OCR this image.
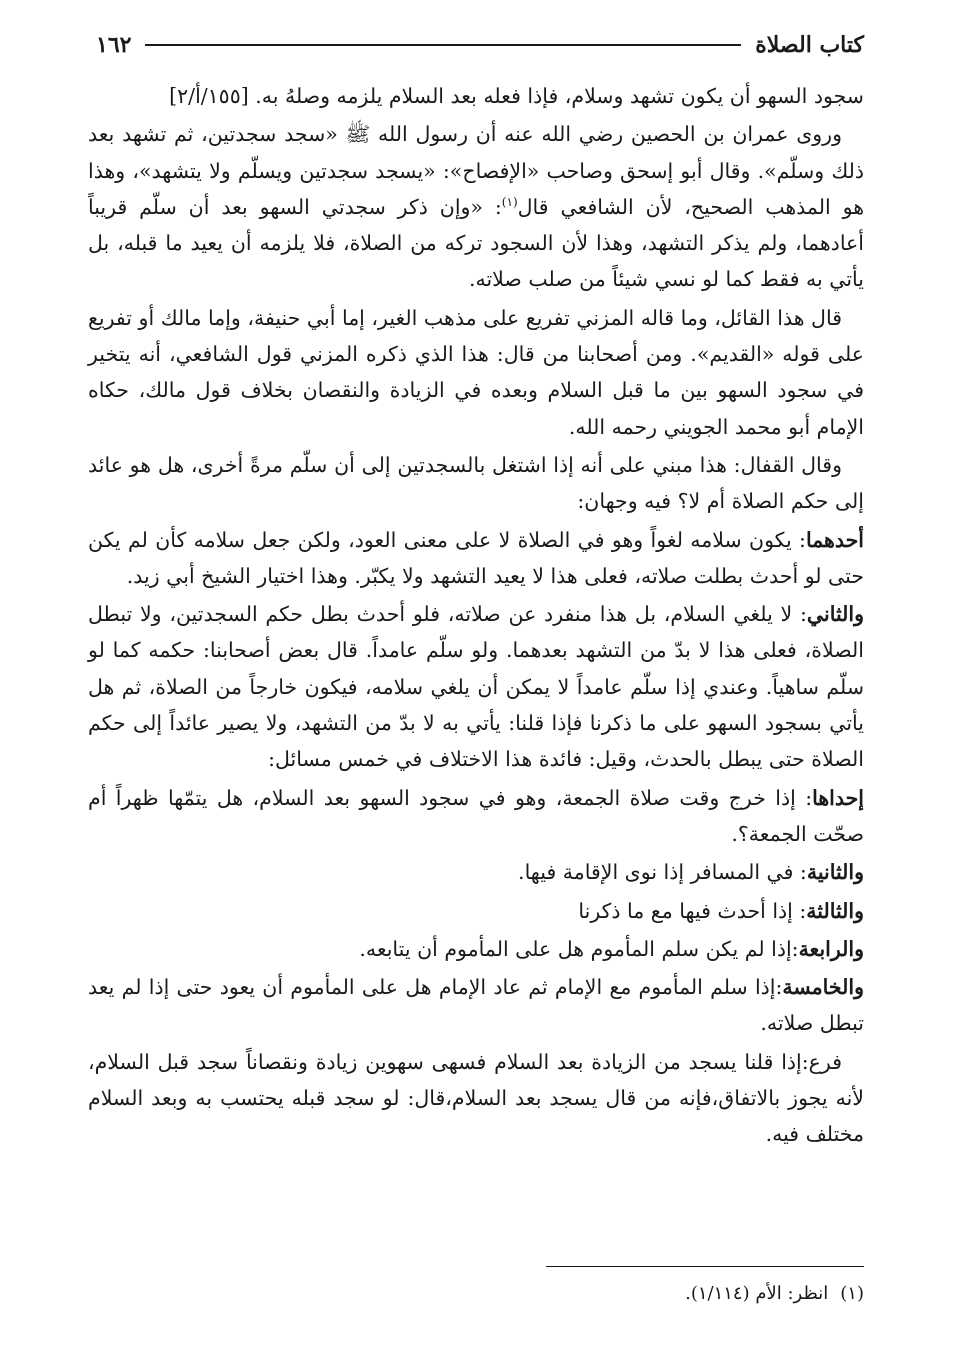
كتاب الصلاة
١٦٢

سجود السهو أن يكون تشهد وسلام، فإذا فعله بعد السلام يلزمه وصلهُ به. [١٥٥/أ/٢]

وروى عمران بن الحصين رضي الله عنه أن رسول الله ﷺ «سجد سجدتين، ثم تشهد بعد ذلك وسلّم». وقال أبو إسحق وصاحب «الإفصاح»: «يسجد سجدتين ويسلّم ولا يتشهد»، وهذا هو المذهب الصحيح، لأن الشافعي قال$^{(١)}$: «وإن ذكر سجدتي السهو بعد أن سلّم قريباً أعادهما، ولم يذكر التشهد، وهذا لأن السجود تركه من الصلاة، فلا يلزمه أن يعيد ما قبله، بل يأتي به فقط كما لو نسي شيئاً من صلب صلاته.

قال هذا القائل، وما قاله المزني تفريع على مذهب الغير، إما أبي حنيفة، وإما مالك أو تفريع على قوله «القديم». ومن أصحابنا من قال: هذا الذي ذكره المزني قول الشافعي، أنه يتخير في سجود السهو بين ما قبل السلام وبعده في الزيادة والنقصان بخلاف قول مالك، حكاه الإمام أبو محمد الجويني رحمه الله.

وقال القفال: هذا مبني على أنه إذا اشتغل بالسجدتين إلى أن سلّم مرةً أخرى، هل هو عائد إلى حكم الصلاة أم لا؟ فيه وجهان:

أحدهما: يكون سلامه لغواً وهو في الصلاة لا على معنى العود، ولكن جعل سلامه كأن لم يكن حتى لو أحدث بطلت صلاته، فعلى هذا لا يعيد التشهد ولا يكبّر. وهذا اختيار الشيخ أبي زيد.

والثاني: لا يلغي السلام، بل هذا منفرد عن صلاته، فلو أحدث بطل حكم السجدتين، ولا تبطل الصلاة، فعلى هذا لا بدّ من التشهد بعدهما. ولو سلّم عامداً. قال بعض أصحابنا: حكمه كما لو سلّم ساهياً. وعندي إذا سلّم عامداً لا يمكن أن يلغي سلامه، فيكون خارجاً من الصلاة، ثم هل يأتي بسجود السهو على ما ذكرنا فإذا قلنا: يأتي به لا بدّ من التشهد، ولا يصير عائداً إلى حكم الصلاة حتى يبطل بالحدث، وقيل: فائدة هذا الاختلاف في خمس مسائل:

إحداها: إذا خرج وقت صلاة الجمعة، وهو في سجود السهو بعد السلام، هل يتمّها ظهراً أم صحّت الجمعة؟.

والثانية: في المسافر إذا نوى الإقامة فيها.

والثالثة: إذا أحدث فيها مع ما ذكرنا

والرابعة:إذا لم يكن سلم المأموم هل على المأموم أن يتابعه.

والخامسة:إذا سلم المأموم مع الإمام ثم عاد الإمام هل على المأموم أن يعود حتى إذا لم يعد تبطل صلاته.

فرع:إذا قلنا يسجد من الزيادة بعد السلام فسهى سهوين زيادة ونقصاناً سجد قبل السلام، لأنه يجوز بالاتفاق،فإنه من قال يسجد بعد السلام،قال: لو سجد قبله يحتسب به وبعد السلام مختلف فيه.

(١)انظر: الأم (١/١١٤).
